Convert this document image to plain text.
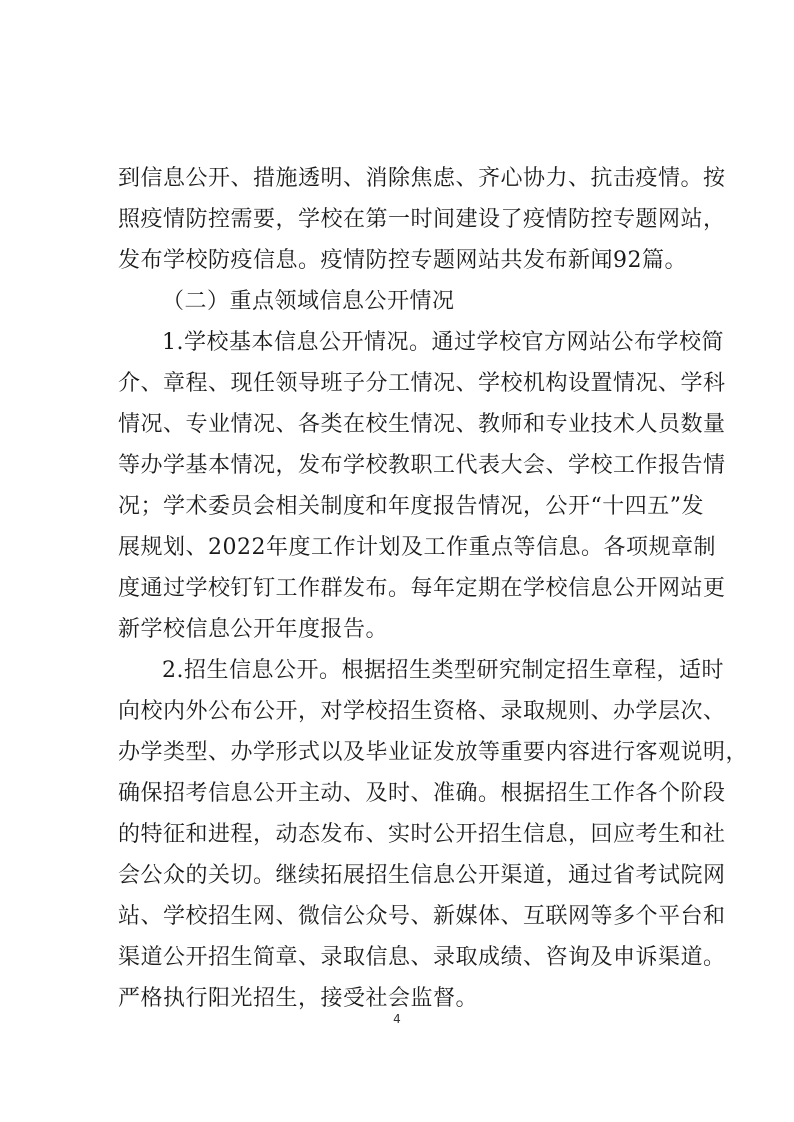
到信息公开、措施透明、消除焦虑、齐心协力、抗击疫情。按
照疫情防控需要，学校在第一时间建设了疫情防控专题网站，
发布学校防疫信息。疫情防控专题网站共发布新闻92篇。
（二）重点领域信息公开情况
1.学校基本信息公开情况。通过学校官方网站公布学校简
介、章程、现任领导班子分工情况、学校机构设置情况、学科
情况、专业情况、各类在校生情况、教师和专业技术人员数量
等办学基本情况，发布学校教职工代表大会、学校工作报告情
况；学术委员会相关制度和年度报告情况，公开“十四五”发
展规划、2022年度工作计划及工作重点等信息。各项规章制
度通过学校钉钉工作群发布。每年定期在学校信息公开网站更
新学校信息公开年度报告。
2.招生信息公开。根据招生类型研究制定招生章程，适时
向校内外公布公开，对学校招生资格、录取规则、办学层次、
办学类型、办学形式以及毕业证发放等重要内容进行客观说明，
确保招考信息公开主动、及时、准确。根据招生工作各个阶段
的特征和进程，动态发布、实时公开招生信息，回应考生和社
会公众的关切。继续拓展招生信息公开渠道，通过省考试院网
站、学校招生网、微信公众号、新媒体、互联网等多个平台和
渠道公开招生简章、录取信息、录取成绩、咨询及申诉渠道。
严格执行阳光招生，接受社会监督。
4
